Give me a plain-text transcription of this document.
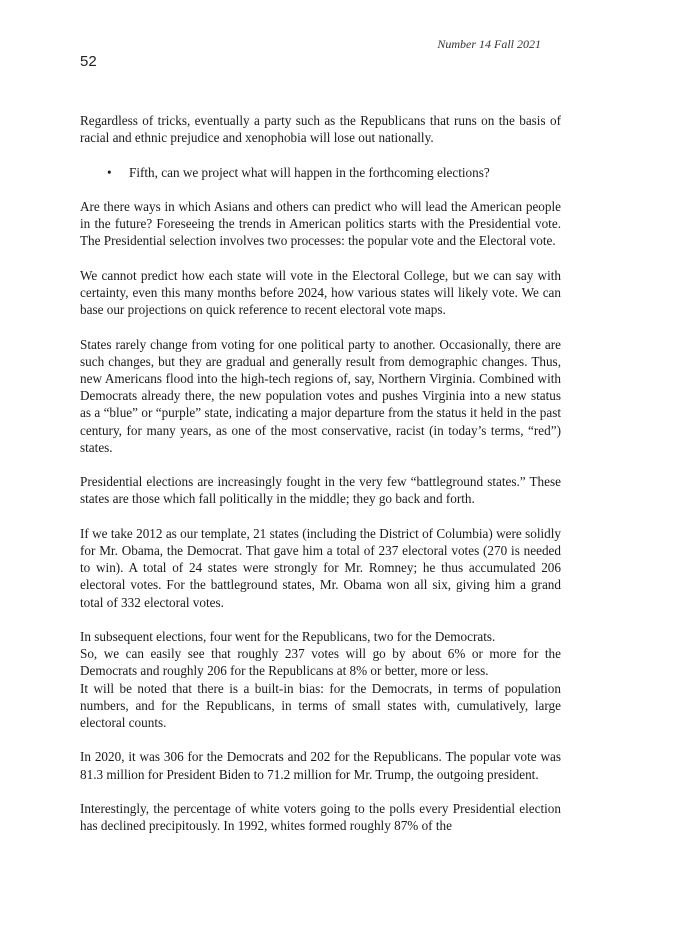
Number 14 Fall 2021
52

Regardless of tricks, eventually a party such as the Republicans that runs on the basis of racial and ethnic prejudice and xenophobia will lose out nationally.

•	Fifth, can we project what will happen in the forthcoming elections?

Are there ways in which Asians and others can predict who will lead the American people in the future? Foreseeing the trends in American politics starts with the Presidential vote. The Presidential selection involves two processes: the popular vote and the Electoral vote.

We cannot predict how each state will vote in the Electoral College, but we can say with certainty, even this many months before 2024, how various states will likely vote. We can base our projections on quick reference to recent electoral vote maps.

States rarely change from voting for one political party to another. Occasionally, there are such changes, but they are gradual and generally result from demographic changes. Thus, new Americans flood into the high-tech regions of, say, Northern Virginia. Combined with Democrats already there, the new population votes and pushes Virginia into a new status as a “blue” or “purple” state, indicating a major departure from the status it held in the past century, for many years, as one of the most conservative, racist (in today’s terms, “red”) states.

Presidential elections are increasingly fought in the very few “battleground states.” These states are those which fall politically in the middle; they go back and forth.

If we take 2012 as our template, 21 states (including the District of Columbia) were solidly for Mr. Obama, the Democrat. That gave him a total of 237 electoral votes (270 is needed to win). A total of 24 states were strongly for Mr. Romney; he thus accumulated 206 electoral votes. For the battleground states, Mr. Obama won all six, giving him a grand total of 332 electoral votes.

In subsequent elections, four went for the Republicans, two for the Democrats.

So, we can easily see that roughly 237 votes will go by about 6% or more for the Democrats and roughly 206 for the Republicans at 8% or better, more or less.

It will be noted that there is a built-in bias: for the Democrats, in terms of population numbers, and for the Republicans, in terms of small states with, cumulatively, large electoral counts.

In 2020, it was 306 for the Democrats and 202 for the Republicans. The popular vote was 81.3 million for President Biden to 71.2 million for Mr. Trump, the outgoing president.

Interestingly, the percentage of white voters going to the polls every Presidential election has declined precipitously. In 1992, whites formed roughly 87% of the
